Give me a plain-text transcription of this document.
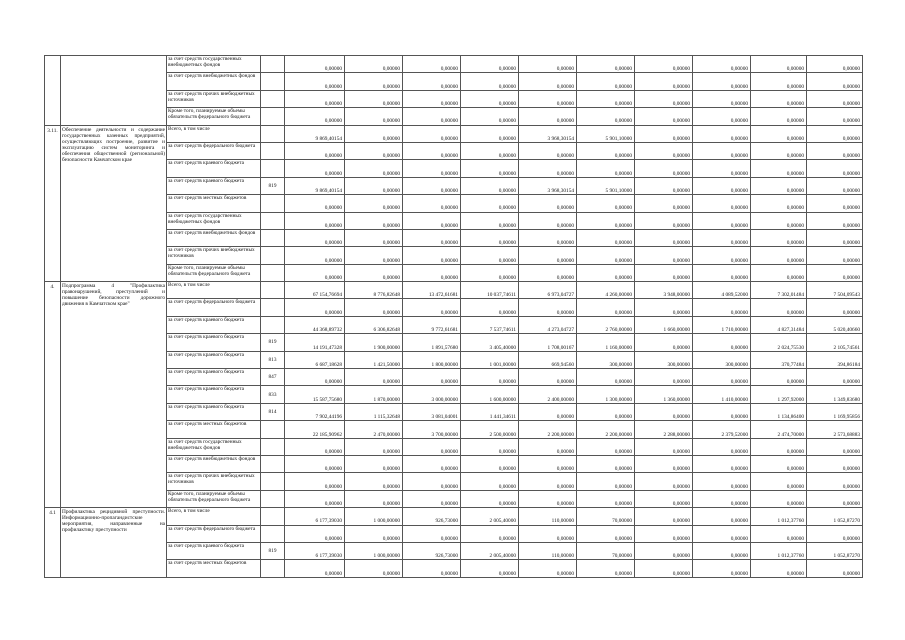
		за счет средств государственных внебюджетных фондов		0,00000	0,00000	0,00000	0,00000	0,00000	0,00000	0,00000	0,00000	0,00000	0,00000
		за счет средств внебюджетных фондов		0,00000	0,00000	0,00000	0,00000	0,00000	0,00000	0,00000	0,00000	0,00000	0,00000
		за счет средств прочих внебюджетных источников		0,00000	0,00000	0,00000	0,00000	0,00000	0,00000	0,00000	0,00000	0,00000	0,00000
		Кроме того, планируемые объемы обязательств федерального бюджета		0,00000	0,00000	0,00000	0,00000	0,00000	0,00000	0,00000	0,00000	0,00000	0,00000
3.11.	Обеспечение деятельности и содержание государственных казенных предприятий, осуществляющих построение, развитие и эксплуатацию систем мониторинга и обеспечения общественной (региональной) безопасности Камчатском крае	Всего, в том числе		9 869,40154	0,00000	0,00000	0,00000	3 968,30154	5 901,10000	0,00000	0,00000	0,00000	0,00000
		за счет средств федерального бюджета		0,00000	0,00000	0,00000	0,00000	0,00000	0,00000	0,00000	0,00000	0,00000	0,00000
		за счет средств краевого бюджета		0,00000	0,00000	0,00000	0,00000	0,00000	0,00000	0,00000	0,00000	0,00000	0,00000
		за счет средств краевого бюджета	819	9 869,40154	0,00000	0,00000	0,00000	3 968,30154	5 901,10000	0,00000	0,00000	0,00000	0,00000
		за счет средств местных бюджетов		0,00000	0,00000	0,00000	0,00000	0,00000	0,00000	0,00000	0,00000	0,00000	0,00000
		за счет средств государственных внебюджетных фондов		0,00000	0,00000	0,00000	0,00000	0,00000	0,00000	0,00000	0,00000	0,00000	0,00000
		за счет средств внебюджетных фондов		0,00000	0,00000	0,00000	0,00000	0,00000	0,00000	0,00000	0,00000	0,00000	0,00000
		за счет средств прочих внебюджетных источников		0,00000	0,00000	0,00000	0,00000	0,00000	0,00000	0,00000	0,00000	0,00000	0,00000
		Кроме того, планируемые объемы обязательств федерального бюджета		0,00000	0,00000	0,00000	0,00000	0,00000	0,00000	0,00000	0,00000	0,00000	0,00000
4.	Подпрограмма 4 "Профилактика правонарушений, преступлений и повышение безопасности дорожного движения в Камчатском крае"	Всего, в том числе		67 154,76694	8 776,82648	13 472,61681	10 037,74611	6 973,04727	4 260,00000	3 948,00000	4 089,52000	7 302,01484	7 504,09543
		за счет средств федерального бюджета		0,00000	0,00000	0,00000	0,00000	0,00000	0,00000	0,00000	0,00000	0,00000	0,00000
		за счет средств краевого бюджета		44 368,89732	6 306,82648	9 772,61681	7 537,74611	4 273,04727	2 760,00000	1 660,00000	1 710,00000	4 827,31484	5 020,40660
		за счет средств краевого бюджета	819	14 191,47328	1 900,00000	1 891,57680	3 405,40000	1 708,00167	1 160,00000	0,00000	0,00000	2 024,75530	2 105,74561
		за счет средств краевого бюджета	813	6 687,18628	1 421,50000	1 800,00000	1 001,00000	669,94560	300,00000	300,00000	300,00000	370,77484	394,86184
		за счет средств краевого бюджета	847	0,00000	0,00000	0,00000	0,00000	0,00000	0,00000	0,00000	0,00000	0,00000	0,00000
		за счет средств краевого бюджета	833	15 587,75680	1 870,00000	3 000,00000	1 600,00000	2 400,00000	1 300,00000	1 360,00000	1 410,00000	1 297,92000	1 349,83680
		за счет средств краевого бюджета	814	7 902,44196	1 115,32648	3 081,04001	1 441,34611	0,00000	0,00000	0,00000	0,00000	1 134,86400	1 169,95856
		за счет средств местных бюджетов		22 185,90962	2 470,00000	3 700,00000	2 500,00000	2 200,00000	2 200,00000	2 288,00000	2 379,52000	2 474,70000	2 573,68883
		за счет средств государственных внебюджетных фондов		0,00000	0,00000	0,00000	0,00000	0,00000	0,00000	0,00000	0,00000	0,00000	0,00000
		за счет средств внебюджетных фондов		0,00000	0,00000	0,00000	0,00000	0,00000	0,00000	0,00000	0,00000	0,00000	0,00000
		за счет средств прочих внебюджетных источников		0,00000	0,00000	0,00000	0,00000	0,00000	0,00000	0,00000	0,00000	0,00000	0,00000
		Кроме того, планируемые объемы обязательств федерального бюджета		0,00000	0,00000	0,00000	0,00000	0,00000	0,00000	0,00000	0,00000	0,00000	0,00000
4.1	Профилактика рецидивной преступности. Информационно-пропагандистские мероприятия, направленные на профилактику преступности	Всего, в том числе		6 177,39030	1 000,00000	926,73000	2 005,40000	110,00000	70,00000	0,00000	0,00000	1 012,37760	1 052,87270
		за счет средств федерального бюджета		0,00000	0,00000	0,00000	0,00000	0,00000	0,00000	0,00000	0,00000	0,00000	0,00000
		за счет средств краевого бюджета	819	6 177,39030	1 000,00000	926,73000	2 005,40000	110,00000	70,00000	0,00000	0,00000	1 012,37760	1 052,87270
		за счет средств местных бюджетов		0,00000	0,00000	0,00000	0,00000	0,00000	0,00000	0,00000	0,00000	0,00000	0,00000
